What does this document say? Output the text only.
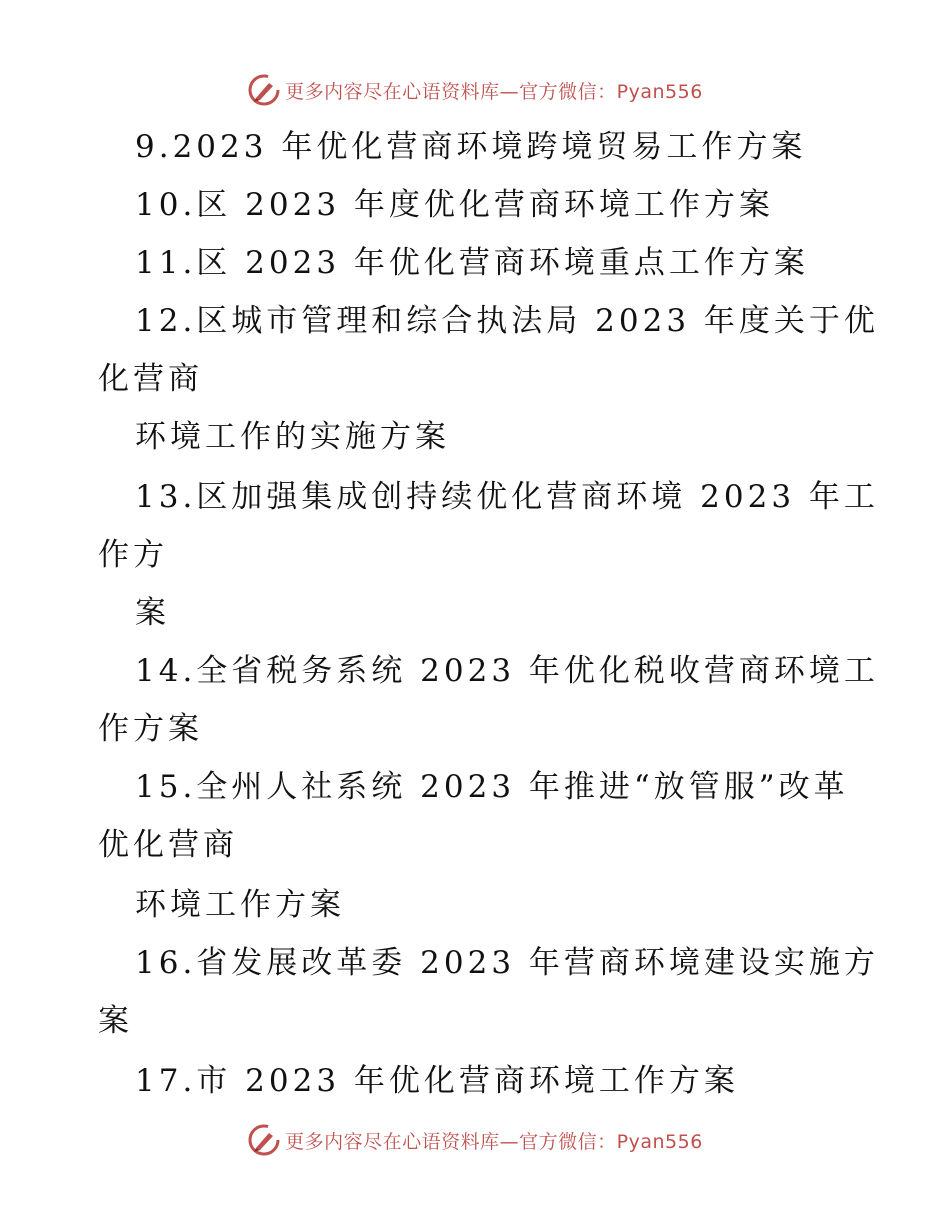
更多内容尽在心语资料库—官方微信：Pyan556
9.2023 年优化营商环境跨境贸易工作方案
10.区 2023 年度优化营商环境工作方案
11.区 2023 年优化营商环境重点工作方案
12.区城市管理和综合执法局 2023 年度关于优
化营商
环境工作的实施方案
13.区加强集成创持续优化营商环境 2023 年工
作方
案
14.全省税务系统 2023 年优化税收营商环境工
作方案
15.全州人社系统 2023 年推进“放管服”改革
优化营商
环境工作方案
16.省发展改革委 2023 年营商环境建设实施方
案
17.市 2023 年优化营商环境工作方案
更多内容尽在心语资料库—官方微信：Pyan556
